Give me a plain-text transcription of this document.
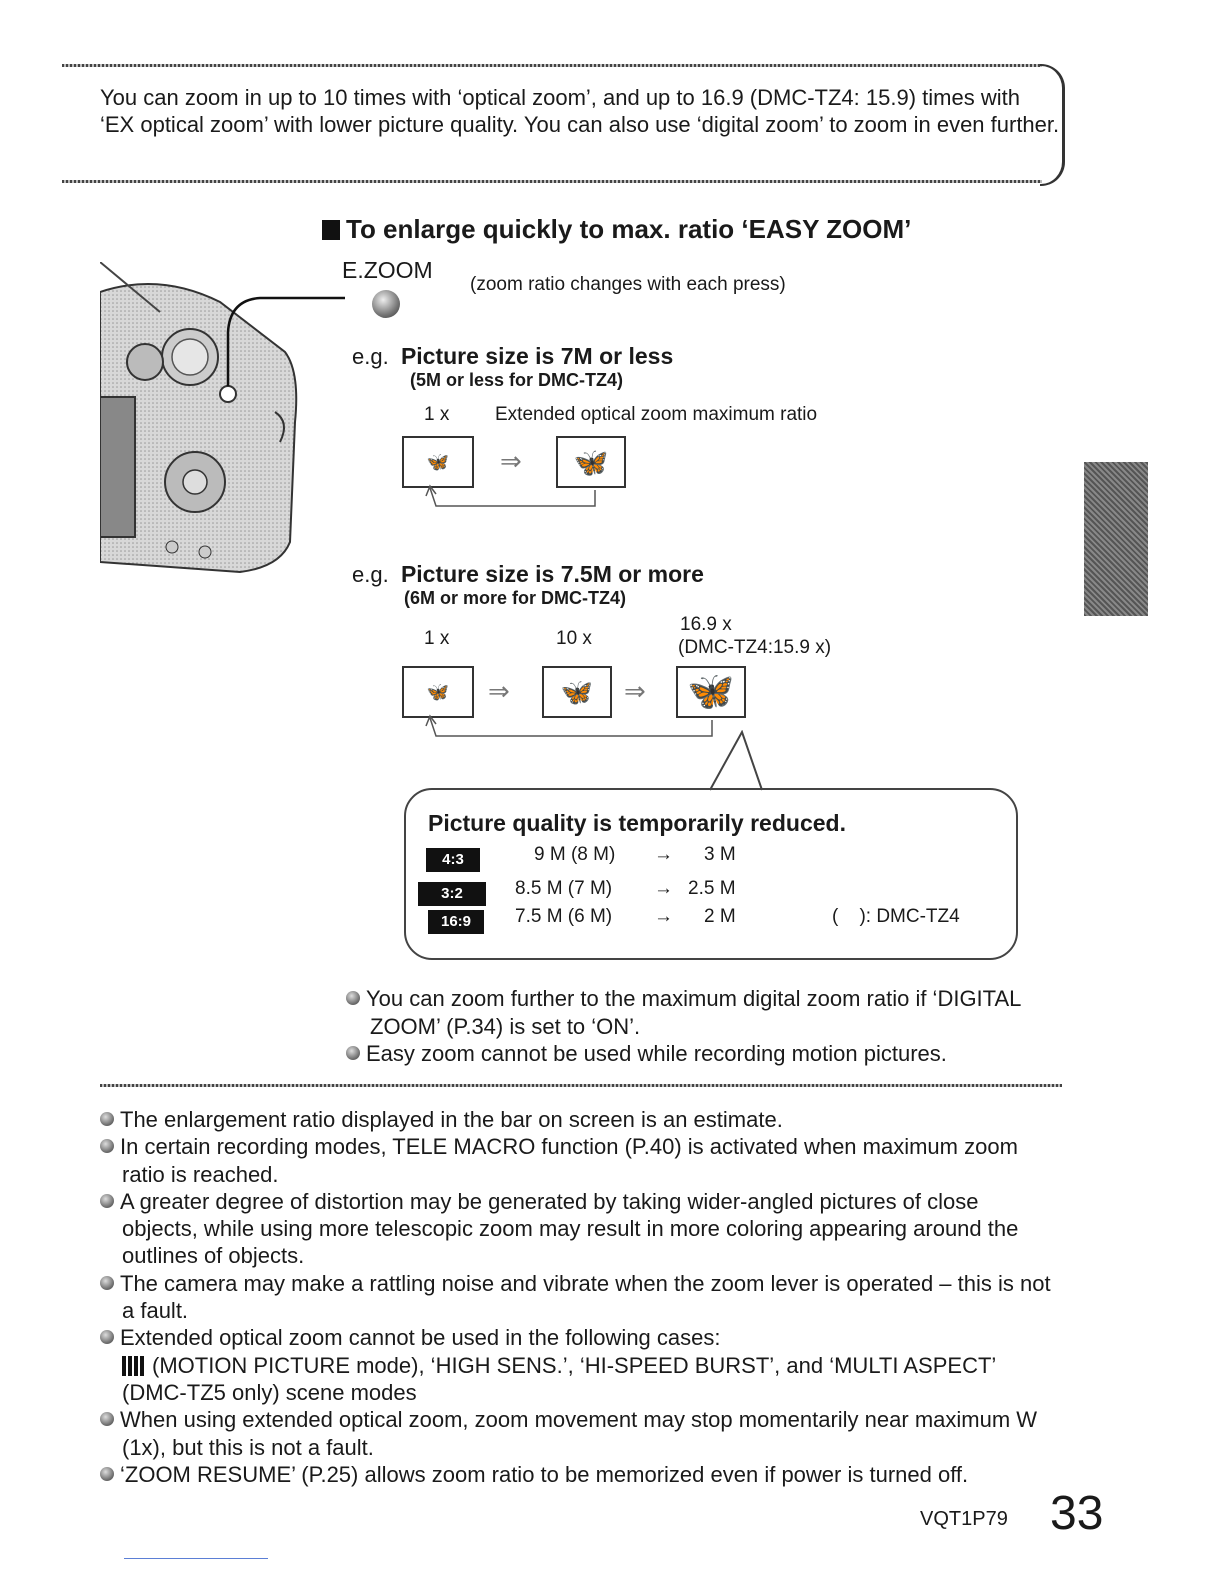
You can zoom in up to 10 times with ‘optical zoom’, and up to 16.9 (DMC-TZ4: 15.9) times with ‘EX optical zoom’ with lower picture quality. You can also use ‘digital zoom’ to zoom in even further.
To enlarge quickly to max. ratio ‘EASY ZOOM’
E.ZOOM
(zoom ratio changes with each press)
e.g. Picture size is 7M or less
(5M or less for DMC-TZ4)
1 x Extended optical zoom maximum ratio
🦋 ⇒ 🦋
e.g. Picture size is 7.5M or more
(6M or more for DMC-TZ4)
1 x	10 x
16.9 x
(DMC-TZ4:15.9 x)
🦋 ⇒ 🦋 ⇒ 🦋
Picture quality is temporarily reduced.
4:3	9 M (8 M) → 3 M
3:2	8.5 M (7 M) → 2.5 M
16:9	7.5 M (6 M) → 2 M	(    ): DMC-TZ4

You can zoom further to the maximum digital zoom ratio if ‘DIGITAL ZOOM’ (P.34) is set to ‘ON’.

Easy zoom cannot be used while recording motion pictures.

The enlargement ratio displayed in the bar on screen is an estimate.

In certain recording modes, TELE MACRO function (P.40) is activated when maximum zoom ratio is reached.

A greater degree of distortion may be generated by taking wider-angled pictures of close objects, while using more telescopic zoom may result in more coloring appearing around the outlines of objects.

The camera may make a rattling noise and vibrate when the zoom lever is operated – this is not a fault.

Extended optical zoom cannot be used in the following cases:
(MOTION PICTURE mode), ‘HIGH SENS.’, ‘HI-SPEED BURST’, and ‘MULTI ASPECT’ (DMC-TZ5 only) scene modes

When using extended optical zoom, zoom movement may stop momentarily near maximum W (1x), but this is not a fault.

‘ZOOM RESUME’ (P.25) allows zoom ratio to be memorized even if power is turned off.

VQT1P79 33
